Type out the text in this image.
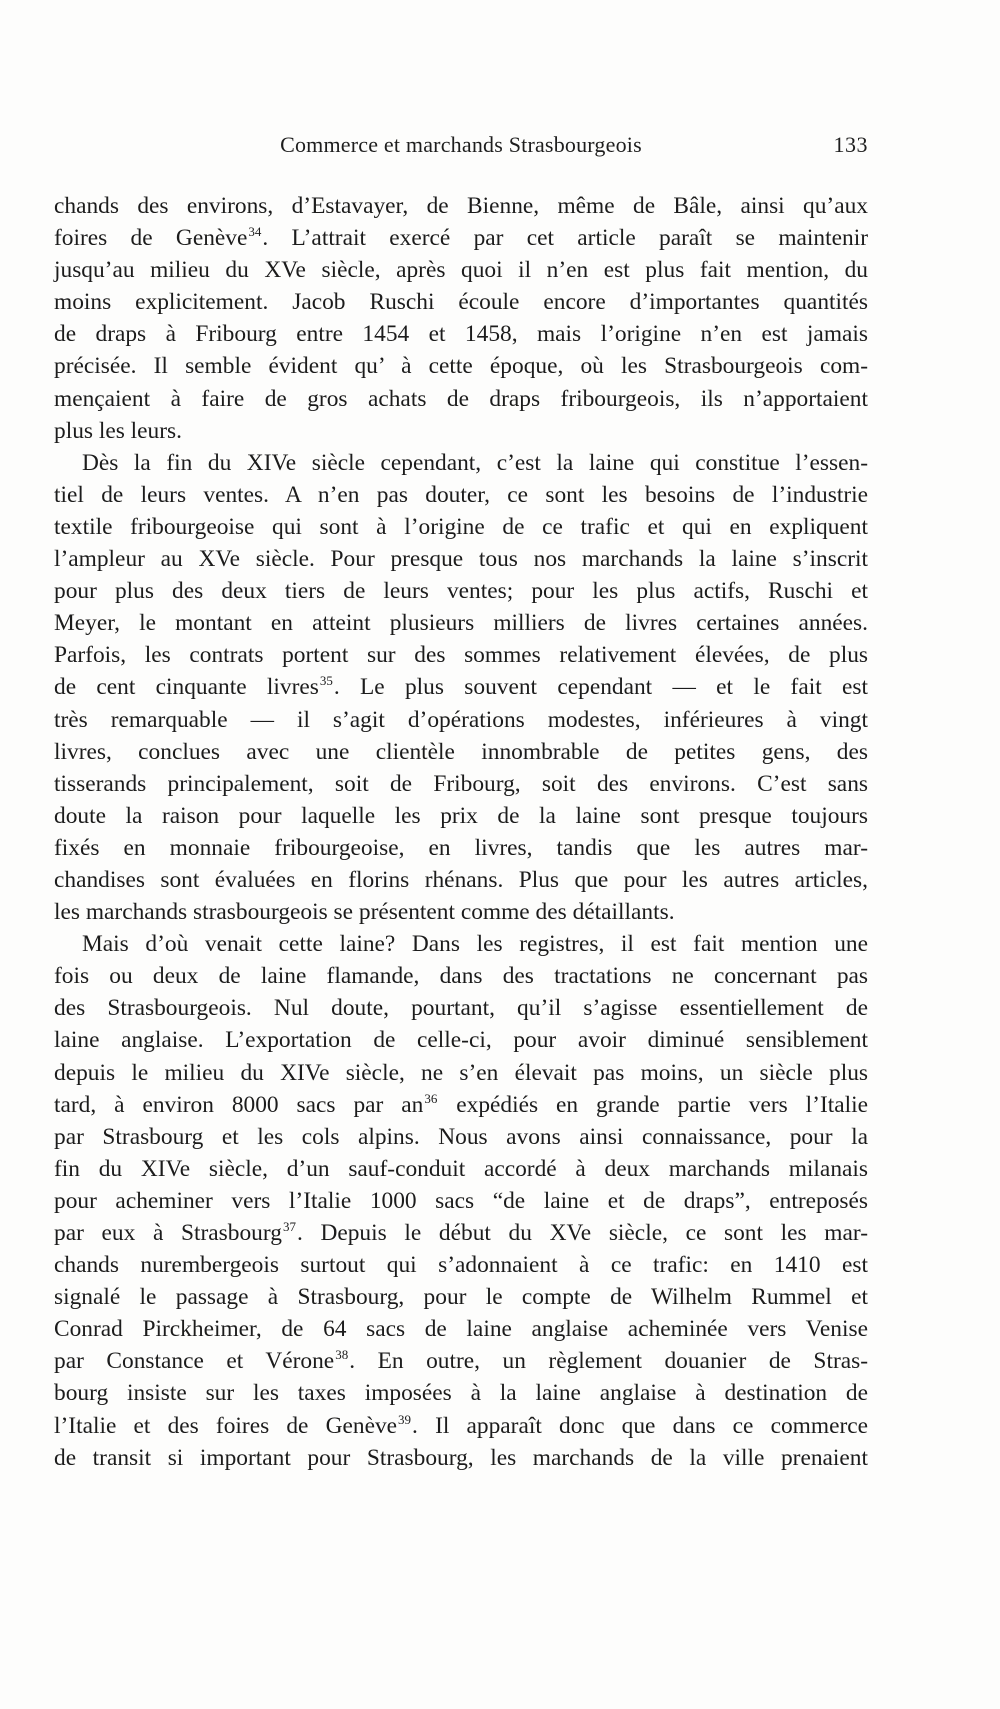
Commerce et marchands Strasbourgeois	133
chands des environs, d’Estavayer, de Bienne, même de Bâle, ainsi qu’aux
foires de Genève$^{34}$. L’attrait exercé par cet article paraît se maintenir
jusqu’au milieu du XVe siècle, après quoi il n’en est plus fait mention, du
moins explicitement. Jacob Ruschi écoule encore d’importantes quantités
de draps à Fribourg entre 1454 et 1458, mais l’origine n’en est jamais
précisée. Il semble évident qu’ à cette époque, où les Strasbourgeois com-
mençaient à faire de gros achats de draps fribourgeois, ils n’apportaient
plus les leurs.
Dès la fin du XIVe siècle cependant, c’est la laine qui constitue l’essen-
tiel de leurs ventes. A n’en pas douter, ce sont les besoins de l’industrie
textile fribourgeoise qui sont à l’origine de ce trafic et qui en expliquent
l’ampleur au XVe siècle. Pour presque tous nos marchands la laine s’inscrit
pour plus des deux tiers de leurs ventes; pour les plus actifs, Ruschi et
Meyer, le montant en atteint plusieurs milliers de livres certaines années.
Parfois, les contrats portent sur des sommes relativement élevées, de plus
de cent cinquante livres$^{35}$. Le plus souvent cependant — et le fait est
très remarquable — il s’agit d’opérations modestes, inférieures à vingt
livres, conclues avec une clientèle innombrable de petites gens, des
tisserands principalement, soit de Fribourg, soit des environs. C’est sans
doute la raison pour laquelle les prix de la laine sont presque toujours
fixés en monnaie fribourgeoise, en livres, tandis que les autres mar-
chandises sont évaluées en florins rhénans. Plus que pour les autres articles,
les marchands strasbourgeois se présentent comme des détaillants.
Mais d’où venait cette laine? Dans les registres, il est fait mention une
fois ou deux de laine flamande, dans des tractations ne concernant pas
des Strasbourgeois. Nul doute, pourtant, qu’il s’agisse essentiellement de
laine anglaise. L’exportation de celle-ci, pour avoir diminué sensiblement
depuis le milieu du XIVe siècle, ne s’en élevait pas moins, un siècle plus
tard, à environ 8000 sacs par an$^{36}$ expédiés en grande partie vers l’Italie
par Strasbourg et les cols alpins. Nous avons ainsi connaissance, pour la
fin du XIVe siècle, d’un sauf-conduit accordé à deux marchands milanais
pour acheminer vers l’Italie 1000 sacs “de laine et de draps”, entreposés
par eux à Strasbourg$^{37}$. Depuis le début du XVe siècle, ce sont les mar-
chands nurembergeois surtout qui s’adonnaient à ce trafic: en 1410 est
signalé le passage à Strasbourg, pour le compte de Wilhelm Rummel et
Conrad Pirckheimer, de 64 sacs de laine anglaise acheminée vers Venise
par Constance et Vérone$^{38}$. En outre, un règlement douanier de Stras-
bourg insiste sur les taxes imposées à la laine anglaise à destination de
l’Italie et des foires de Genève$^{39}$. Il apparaît donc que dans ce commerce
de transit si important pour Strasbourg, les marchands de la ville prenaient
